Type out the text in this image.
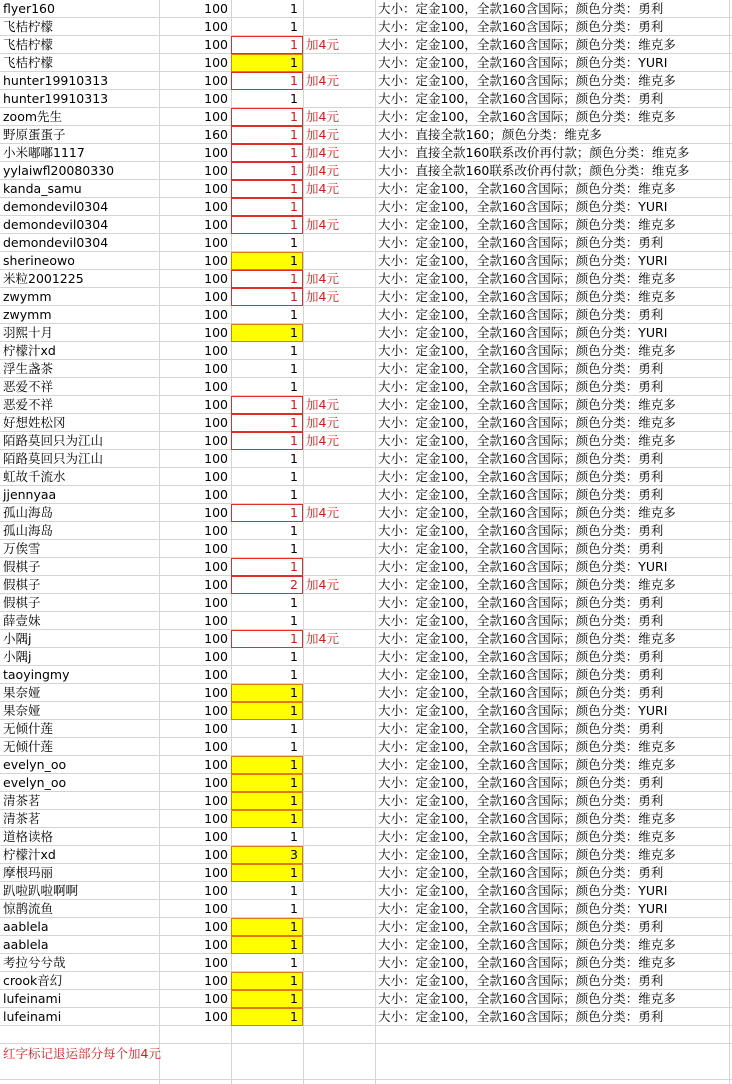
flyer160	100	1	大小：定金100，全款160含国际；颜色分类：勇利
飞桔柠檬	100	1	大小：定金100，全款160含国际；颜色分类：勇利
飞桔柠檬	100	1 加4元	大小：定金100，全款160含国际；颜色分类：维克多
飞桔柠檬	100	1	大小：定金100，全款160含国际；颜色分类：YURI
hunter19910313	100	1 加4元	大小：定金100，全款160含国际；颜色分类：维克多
hunter19910313	100	1	大小：定金100，全款160含国际；颜色分类：勇利
zoom先生	100	1 加4元	大小：定金100，全款160含国际；颜色分类：维克多
野原蛋蛋子	160	1 加4元	大小：直接全款160；颜色分类：维克多
小米嘟嘟1117	100	1 加4元	大小：直接全款160联系改价再付款；颜色分类：维克多
yylaiwfl20080330	100	1 加4元	大小：直接全款160联系改价再付款；颜色分类：维克多
kanda_samu	100	1 加4元	大小：定金100，全款160含国际；颜色分类：维克多
demondevil0304	100	1	大小：定金100，全款160含国际；颜色分类：YURI
demondevil0304	100	1 加4元	大小：定金100，全款160含国际；颜色分类：维克多
demondevil0304	100	1	大小：定金100，全款160含国际；颜色分类：勇利
sherineowo	100	1	大小：定金100，全款160含国际；颜色分类：YURI
米粒2001225	100	1 加4元	大小：定金100，全款160含国际；颜色分类：维克多
zwymm	100	1 加4元	大小：定金100，全款160含国际；颜色分类：维克多
zwymm	100	1	大小：定金100，全款160含国际；颜色分类：勇利
羽熙十月	100	1	大小：定金100，全款160含国际；颜色分类：YURI
柠檬汁xd	100	1	大小：定金100，全款160含国际；颜色分类：维克多
浮生盏茶	100	1	大小：定金100，全款160含国际；颜色分类：勇利
恶爱不祥	100	1	大小：定金100，全款160含国际；颜色分类：勇利
恶爱不祥	100	1 加4元	大小：定金100，全款160含国际；颜色分类：维克多
好想姓松冈	100	1 加4元	大小：定金100，全款160含国际；颜色分类：维克多
陌路莫回只为江山	100	1 加4元	大小：定金100，全款160含国际；颜色分类：维克多
陌路莫回只为江山	100	1	大小：定金100，全款160含国际；颜色分类：勇利
虹故千流水	100	1	大小：定金100，全款160含国际；颜色分类：勇利
jjennyaa	100	1	大小：定金100，全款160含国际；颜色分类：勇利
孤山海岛	100	1 加4元	大小：定金100，全款160含国际；颜色分类：维克多
孤山海岛	100	1	大小：定金100，全款160含国际；颜色分类：勇利
万俟雪	100	1	大小：定金100，全款160含国际；颜色分类：勇利
假棋子	100	1	大小：定金100，全款160含国际；颜色分类：YURI
假棋子	100	2 加4元	大小：定金100，全款160含国际；颜色分类：维克多
假棋子	100	1	大小：定金100，全款160含国际；颜色分类：勇利
薛壹妹	100	1	大小：定金100，全款160含国际；颜色分类：勇利
小隅j	100	1 加4元	大小：定金100，全款160含国际；颜色分类：维克多
小隅j	100	1	大小：定金100，全款160含国际；颜色分类：勇利
taoyingmy	100	1	大小：定金100，全款160含国际；颜色分类：勇利
果奈娅	100	1	大小：定金100，全款160含国际；颜色分类：勇利
果奈娅	100	1	大小：定金100，全款160含国际；颜色分类：YURI
无倾什莲	100	1	大小：定金100，全款160含国际；颜色分类：勇利
无倾什莲	100	1	大小：定金100，全款160含国际；颜色分类：维克多
evelyn_oo	100	1	大小：定金100，全款160含国际；颜色分类：维克多
evelyn_oo	100	1	大小：定金100，全款160含国际；颜色分类：勇利
清茶茗	100	1	大小：定金100，全款160含国际；颜色分类：勇利
清茶茗	100	1	大小：定金100，全款160含国际；颜色分类：维克多
道格读格	100	1	大小：定金100，全款160含国际；颜色分类：维克多
柠檬汁xd	100	3	大小：定金100，全款160含国际；颜色分类：维克多
摩根玛丽	100	1	大小：定金100，全款160含国际；颜色分类：勇利
趴啦趴啦啊啊	100	1	大小：定金100，全款160含国际；颜色分类：YURI
惊鹊流鱼	100	1	大小：定金100，全款160含国际；颜色分类：YURI
aablela	100	1	大小：定金100，全款160含国际；颜色分类：勇利
aablela	100	1	大小：定金100，全款160含国际；颜色分类：维克多
考拉兮兮哉	100	1	大小：定金100，全款160含国际；颜色分类：维克多
crook音幻	100	1	大小：定金100，全款160含国际；颜色分类：勇利
lufeinami	100	1	大小：定金100，全款160含国际；颜色分类：维克多
lufeinami	100	1	大小：定金100，全款160含国际；颜色分类：勇利
红字标记退运部分每个加4元
